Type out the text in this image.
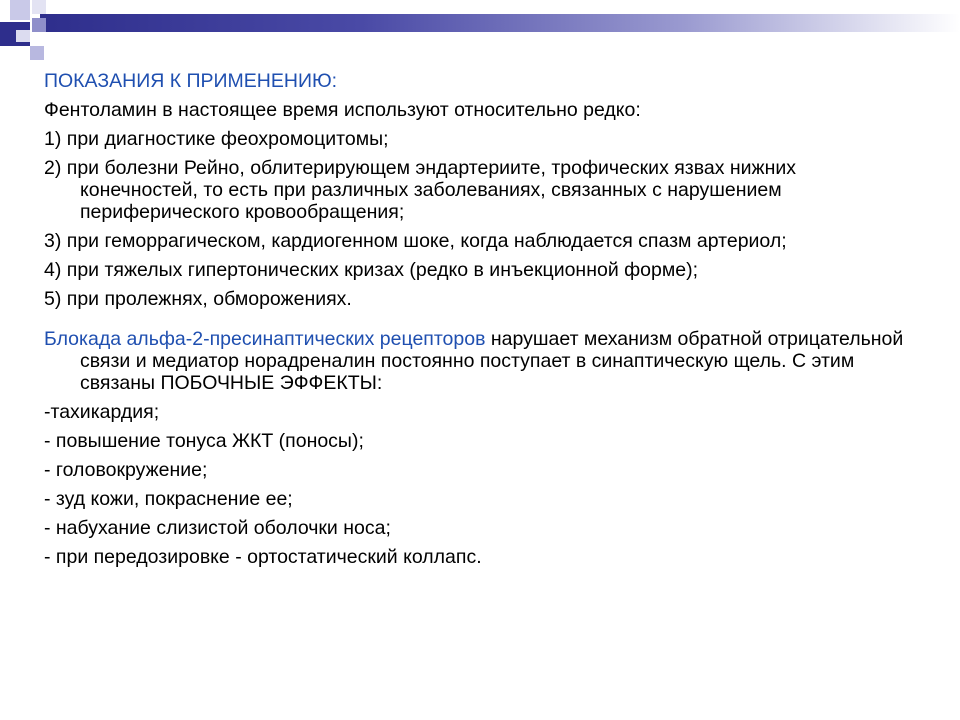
ПОКАЗАНИЯ К ПРИМЕНЕНИЮ:
Фентоламин в настоящее время используют относительно редко:
1) при диагностике феохромоцитомы;
2) при болезни Рейно, облитерирующем эндартериите, трофических язвах нижних конечностей, то есть при различных заболеваниях, связанных с нарушением периферического кровообращения;
3) при геморрагическом, кардиогенном шоке, когда наблюдается спазм артериол;
4) при тяжелых гипертонических кризах (редко в инъекционной форме);
5) при пролежнях, обморожениях.
Блокада альфа-2-пресинаптических рецепторов нарушает механизм обратной отрицательной связи и медиатор норадреналин постоянно поступает в синаптическую щель. С этим связаны ПОБОЧНЫЕ ЭФФЕКТЫ:
-тахикардия;
- повышение тонуса ЖКТ (поносы);
- головокружение;
- зуд кожи, покраснение ее;
- набухание слизистой оболочки носа;
- при передозировке - ортостатический коллапс.
